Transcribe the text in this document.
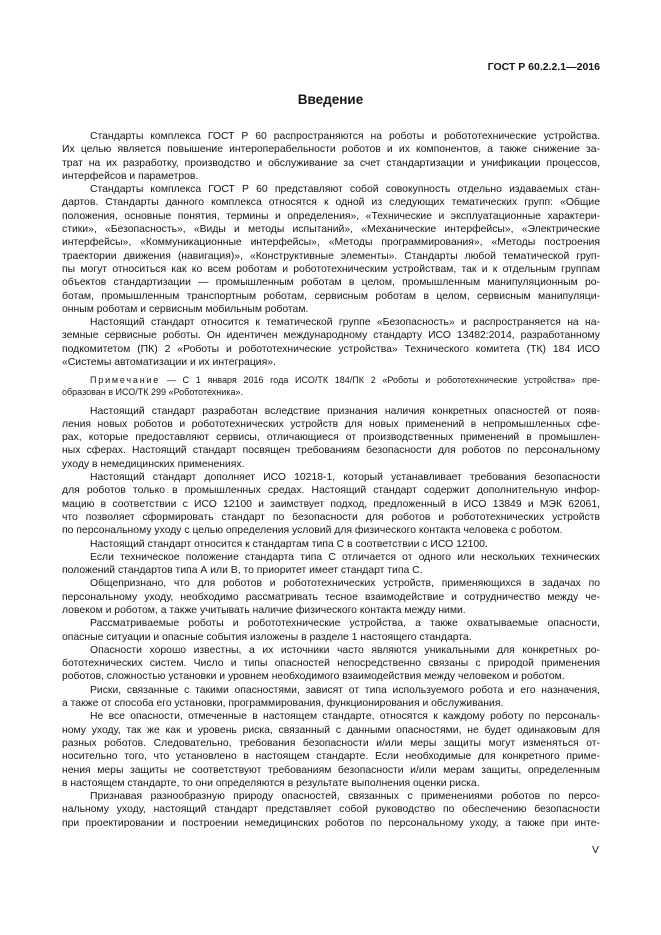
ГОСТ Р 60.2.2.1—2016
Введение
Стандарты комплекса ГОСТ Р 60 распространяются на роботы и робототехнические устройства.
Их целью является повышение интероперабельности роботов и их компонентов, а также снижение за-
трат на их разработку, производство и обслуживание за счет стандартизации и унификации процессов,
интерфейсов и параметров.
Стандарты комплекса ГОСТ Р 60 представляют собой совокупность отдельно издаваемых стан-
дартов. Стандарты данного комплекса относятся к одной из следующих тематических групп: «Общие
положения, основные понятия, термины и определения», «Технические и эксплуатационные характери-
стики», «Безопасность», «Виды и методы испытаний», «Механические интерфейсы», «Электрические
интерфейсы», «Коммуникационные интерфейсы», «Методы программирования», «Методы построения
траектории движения (навигация)», «Конструктивные элементы». Стандарты любой тематической груп-
пы могут относиться как ко всем роботам и робототехническим устройствам, так и к отдельным группам
объектов стандартизации — промышленным роботам в целом, промышленным манипуляционным ро-
ботам, промышленным транспортным роботам, сервисным роботам в целом, сервисным манипуляци-
онным роботам и сервисным мобильным роботам.
Настоящий стандарт относится к тематической группе «Безопасность» и распространяется на на-
земные сервисные роботы. Он идентичен международному стандарту ИСО 13482:2014, разработанному
подкомитетом (ПК) 2 «Роботы и робототехнические устройства» Технического комитета (ТК) 184 ИСО
«Системы автоматизации и их интеграция».
Примечание — С 1 января 2016 года ИСО/ТК 184/ПК 2 «Роботы и робототехнические устройства» пре-
образован в ИСО/ТК 299 «Робототехника».
Настоящий стандарт разработан вследствие признания наличия конкретных опасностей от появ-
ления новых роботов и робототехнических устройств для новых применений в непромышленных сфе-
рах, которые предоставляют сервисы, отличающиеся от производственных применений в промышлен-
ных сферах. Настоящий стандарт посвящен требованиям безопасности для роботов по персональному
уходу в немедицинских применениях.
Настоящий стандарт дополняет ИСО 10218-1, который устанавливает требования безопасности
для роботов только в промышленных средах. Настоящий стандарт содержит дополнительную инфор-
мацию в соответствии с ИСО 12100 и заимствует подход, предложенный в ИСО 13849 и МЭК 62061,
что позволяет сформировать стандарт по безопасности для роботов и робототехнических устройств
по персональному уходу с целью определения условий для физического контакта человека с роботом.
Настоящий стандарт относится к стандартам типа С в соответствии с ИСО 12100.
Если техническое положение стандарта типа С отличается от одного или нескольких технических
положений стандартов типа А или В, то приоритет имеет стандарт типа С.
Общепризнано, что для роботов и робототехнических устройств, применяющихся в задачах по
персональному уходу, необходимо рассматривать тесное взаимодействие и сотрудничество между че-
ловеком и роботом, а также учитывать наличие физического контакта между ними.
Рассматриваемые роботы и робототехнические устройства, а также охватываемые опасности,
опасные ситуации и опасные события изложены в разделе 1 настоящего стандарта.
Опасности хорошо известны, а их источники часто являются уникальными для конкретных ро-
бототехнических систем. Число и типы опасностей непосредственно связаны с природой применения
роботов, сложностью установки и уровнем необходимого взаимодействия между человеком и роботом.
Риски, связанные с такими опасностями, зависят от типа используемого робота и его назначения,
а также от способа его установки, программирования, функционирования и обслуживания.
Не все опасности, отмеченные в настоящем стандарте, относятся к каждому роботу по персональ-
ному уходу, так же как и уровень риска, связанный с данными опасностями, не будет одинаковым для
разных роботов. Следовательно, требования безопасности и/или меры защиты могут изменяться от-
носительно того, что установлено в настоящем стандарте. Если необходимые для конкретного приме-
нения меры защиты не соответствуют требованиям безопасности и/или мерам защиты, определенным
в настоящем стандарте, то они определяются в результате выполнения оценки риска.
Признавая разнообразную природу опасностей, связанных с применениями роботов по персо-
нальному уходу, настоящий стандарт представляет собой руководство по обеспечению безопасности
при проектировании и построении немедицинских роботов по персональному уходу, а также при инте-
V
